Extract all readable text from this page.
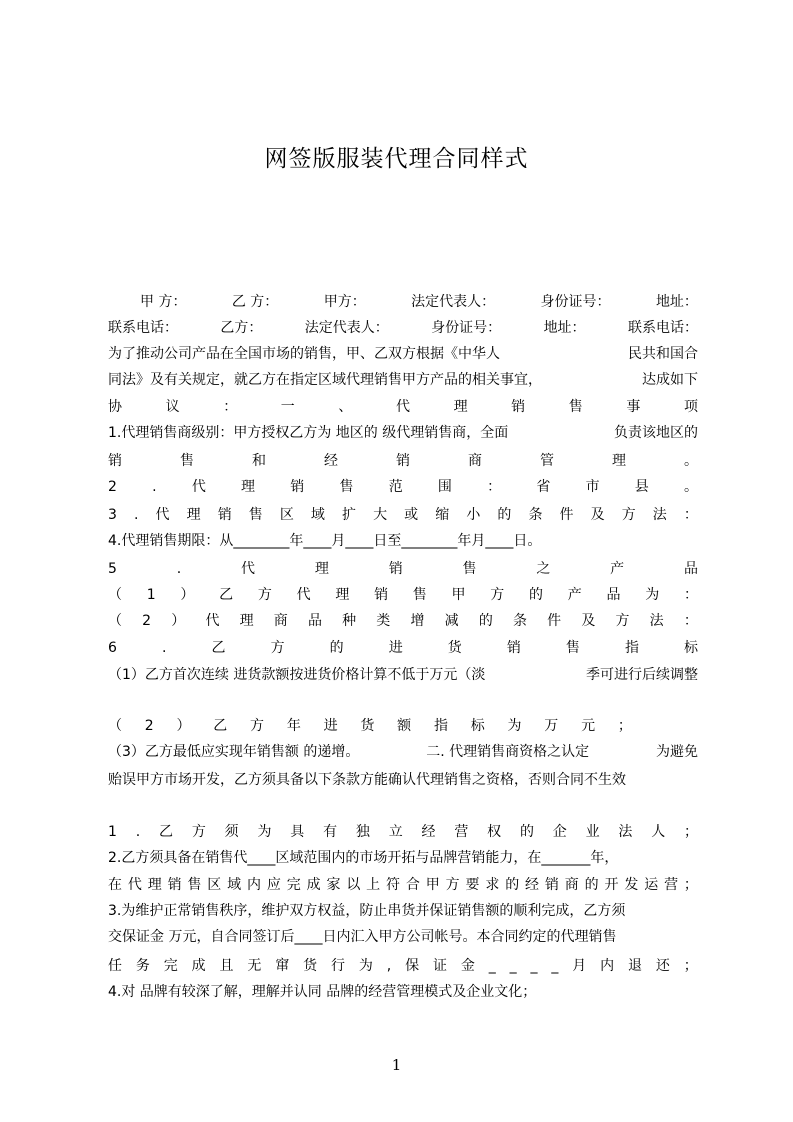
网签版服装代理合同样式
甲 方：	乙 方：	甲方：	法定代表人：	身份证号：	地址：
联系电话：	乙方：	法定代表人：	身份证号：	地址：	联系电话：
为了推动公司产品在全国市场的销售，甲、乙双方根据《中华人	民共和国合
同法》及有关规定，就乙方在指定区域代理销售甲方产品的相关事宜，	达成如下
协	议	：	一	、	代	理	销	售	事	项
1.代理销售商级别：甲方授权乙方为 地区的 级代理销售商，全面	负责该地区的
销	售	和	经	销	商	管	理	。
2	.	代	理	销	售	范	围	：	省	市	县	。
3 . 代 理 销 售 区 域 扩 大 或 缩 小 的 条 件 及 方 法 ：
4.代理销售期限：从________年____月____日至________年月____日。
5	.	代	理	销	售	之	产	品
（ 1 ） 乙 方 代 理 销 售 甲 方 的 产 品 为 ：
（ 2 ） 代 理 商 品 种 类 增 减 的 条 件 及 方 法 ：
6	.	乙	方	的	进	货	销	售	指	标
（1）乙方首次连续 进货款额按进货价格计算不低于万元（淡	季可进行后续调整
（ 2 ） 乙 方 年 进 货 额 指 标 为 万 元 ；
（3）乙方最低应实现年销售额 的递增。	二. 代理销售商资格之认定	为避免
贻误甲方市场开发，乙方须具备以下条款方能确认代理销售之资格，否则合同不生效
1 . 乙 方 须 为 具 有 独 立 经 营 权 的 企 业 法 人 ；
2.乙方须具备在销售代____区域范围内的市场开拓与品牌营销能力，在_______年，
在 代 理 销 售 区 域 内 应 完 成 家 以 上 符 合 甲 方 要 求 的 经 销 商 的 开 发 运 营 ；
3.为维护正常销售秩序，维护双方权益，防止串货并保证销售额的顺利完成，乙方须
交保证金 万元，自合同签订后____日内汇入甲方公司帐号。本合同约定的代理销售
任 务 完 成 且 无 窜 货 行 为 , 保 证 金 _ _ _ _ 月 内 退 还 ；
4.对 品牌有较深了解，理解并认同 品牌的经营管理模式及企业文化；
1
